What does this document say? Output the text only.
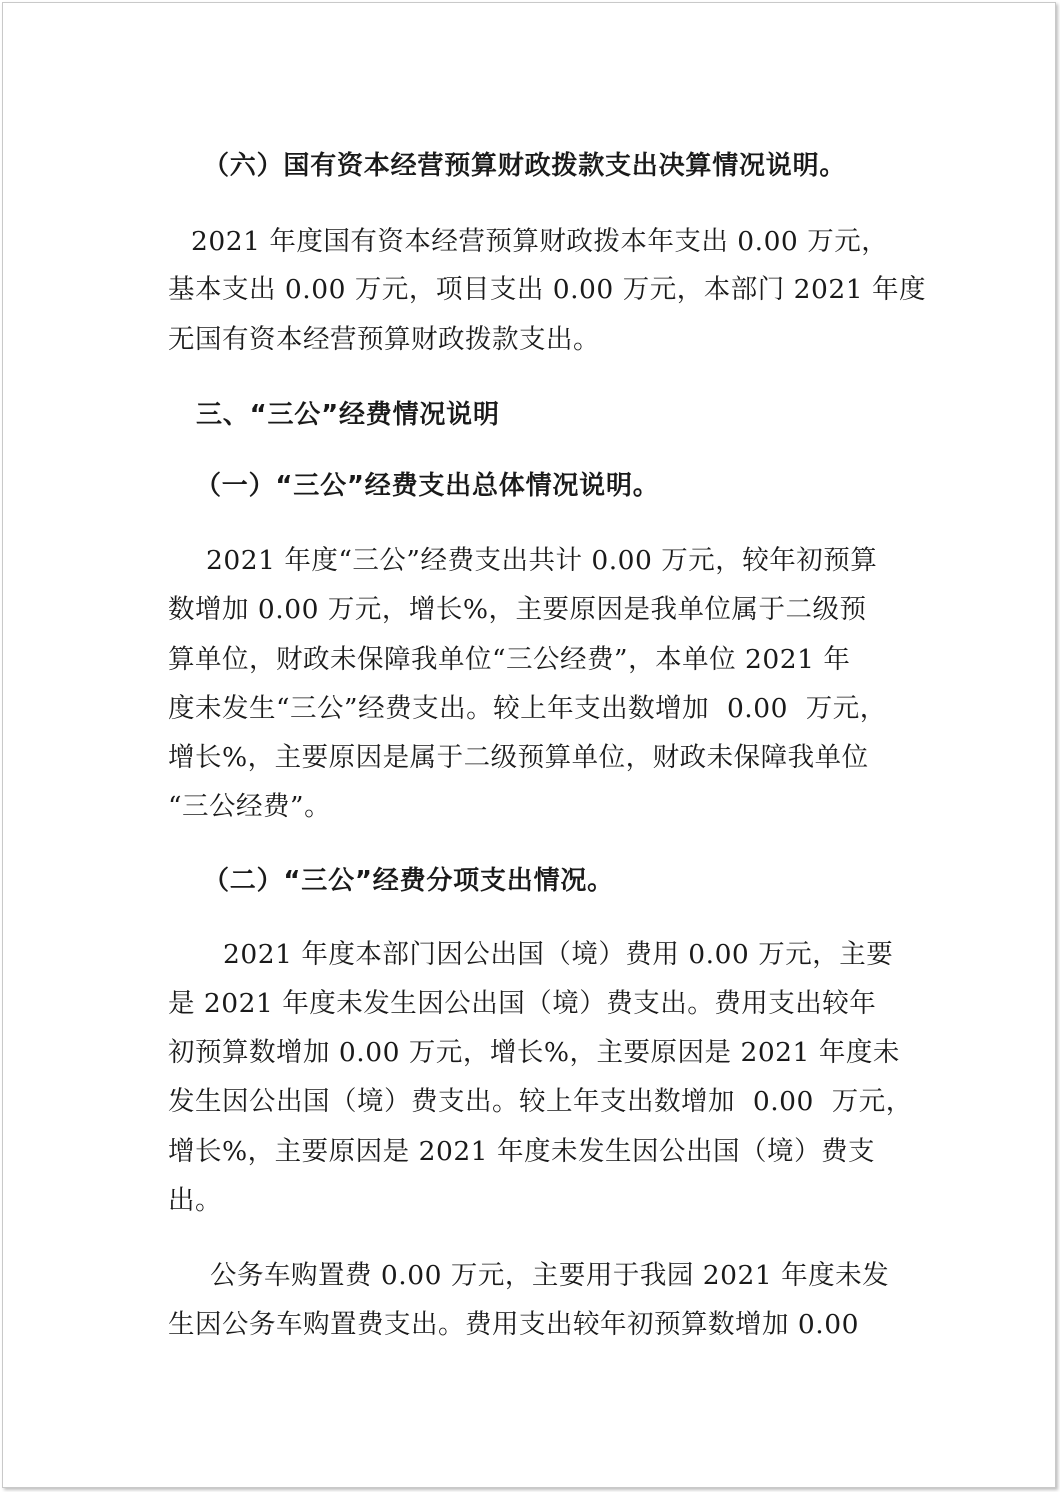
（六）国有资本经营预算财政拨款支出决算情况说明。
2021 年度国有资本经营预算财政拨本年支出 0.00 万元，
基本支出 0.00 万元，项目支出 0.00 万元，本部门 2021 年度
无国有资本经营预算财政拨款支出。
三、“三公”经费情况说明
（一）“三公”经费支出总体情况说明。
2021 年度“三公”经费支出共计 0.00 万元，较年初预算
数增加 0.00 万元，增长%，主要原因是我单位属于二级预
算单位，财政未保障我单位“三公经费”，本单位 2021 年
度未发生“三公”经费支出。较上年支出数增加  0.00  万元，
增长%，主要原因是属于二级预算单位，财政未保障我单位
“三公经费”。
（二）“三公”经费分项支出情况。
2021 年度本部门因公出国（境）费用 0.00 万元，主要
是 2021 年度未发生因公出国（境）费支出。费用支出较年
初预算数增加 0.00 万元，增长%，主要原因是 2021 年度未
发生因公出国（境）费支出。较上年支出数增加  0.00  万元，
增长%，主要原因是 2021 年度未发生因公出国（境）费支
出。
公务车购置费 0.00 万元，主要用于我园 2021 年度未发
生因公务车购置费支出。费用支出较年初预算数增加 0.00
